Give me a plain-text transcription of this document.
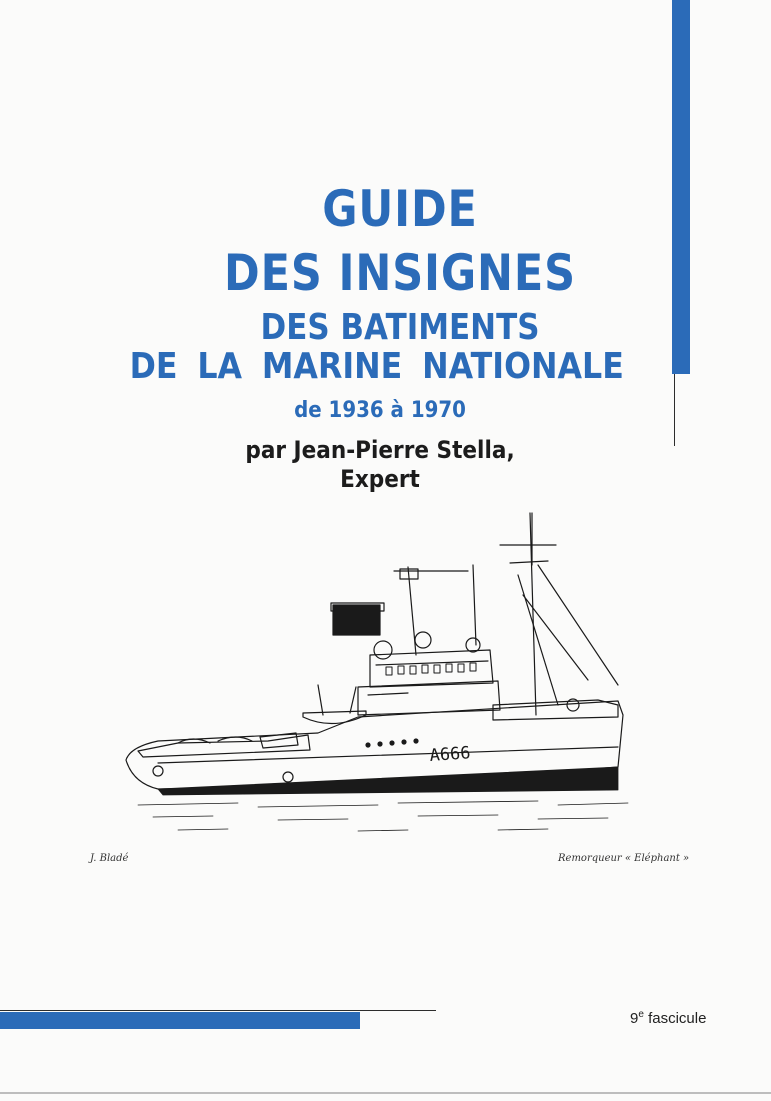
GUIDE
DES INSIGNES
DES BATIMENTS
DE LA MARINE NATIONALE
de 1936 à 1970
par Jean-Pierre Stella,
Expert
A666
J. Bladé	Remorqueur « Eléphant »
9e fascicule
